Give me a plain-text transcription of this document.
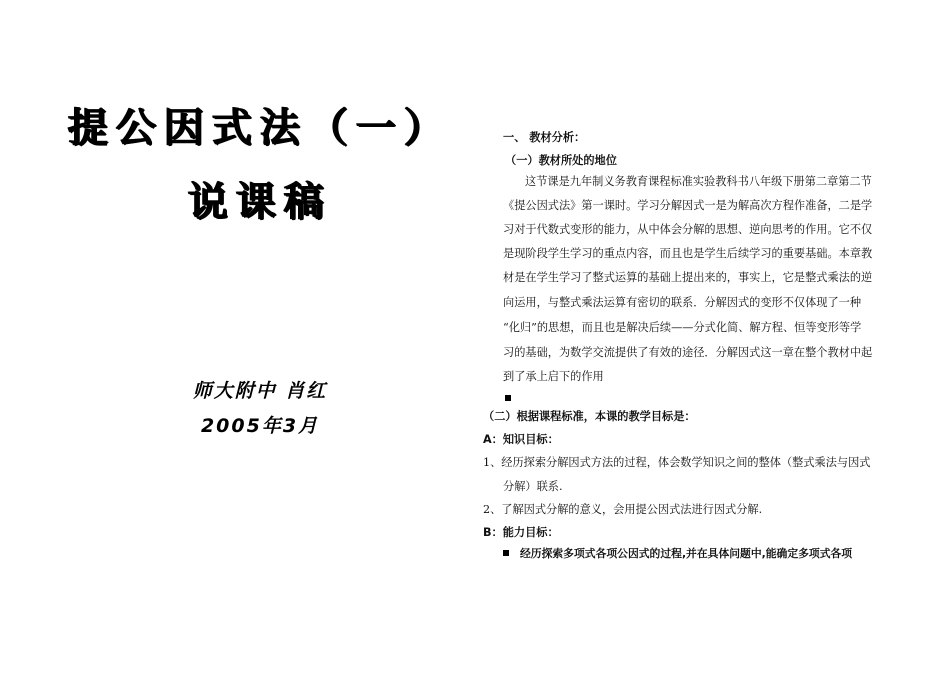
提公因式法（一）
说课稿
师大附中 肖红
2005年3月
一、 教材分析：
（一）教材所处的地位
这节课是九年制义务教育课程标准实验教科书八年级下册第二章第二节
《提公因式法》第一课时。学习分解因式一是为解高次方程作准备，二是学
习对于代数式变形的能力，从中体会分解的思想、逆向思考的作用。它不仅
是现阶段学生学习的重点内容，而且也是学生后续学习的重要基础。本章教
材是在学生学习了整式运算的基础上提出来的，事实上，它是整式乘法的逆
向运用，与整式乘法运算有密切的联系．分解因式的变形不仅体现了一种
“化归”的思想，而且也是解决后续——分式化简、解方程、恒等变形等学
习的基础，为数学交流提供了有效的途径．分解因式这一章在整个教材中起
到了承上启下的作用
（二）根据课程标准，本课的教学目标是：
A：知识目标：
1、经历探索分解因式方法的过程，体会数学知识之间的整体（整式乘法与因式
分解）联系.
2、了解因式分解的意义，会用提公因式法进行因式分解.
B：能力目标：
经历探索多项式各项公因式的过程,并在具体问题中,能确定多项式各项
